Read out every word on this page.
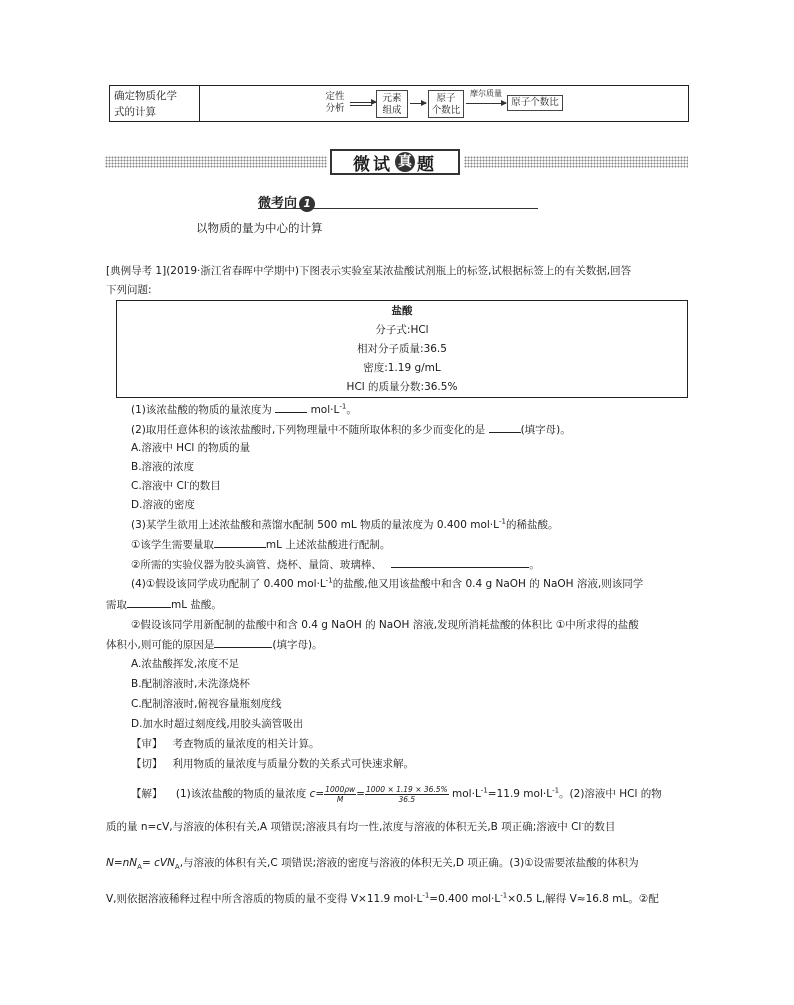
确定物质化学
式的计算
定性
分析
元素
组成
原子
个数比
摩尔质量
原子个数比
微 试 真 题
微考向 1
以物质的量为中心的计算
[典例导考 1](2019·浙江省春晖中学期中)下图表示实验室某浓盐酸试剂瓶上的标签,试根据标签上的有关数据,回答
下列问题:
盐酸
分子式:HCl
相对分子质量:36.5
密度:1.19 g/mL
HCl 的质量分数:36.5%
(1)该浓盐酸的物质的量浓度为	$mol\cdot L^{-1}$。
(2)取用任意体积的该浓盐酸时,下列物理量中不随所取体积的多少而变化的是	(填字母)。
A.溶液中 HCl 的物质的量
B.溶液的浓度
C.溶液中 Cl-的数目
D.溶液的密度
(3)某学生欲用上述浓盐酸和蒸馏水配制 500 mL 物质的量浓度为 0.400 $mol\cdot L^{-1}$的稀盐酸。
①该学生需要量取	mL 上述浓盐酸进行配制。
②所需的实验仪器为胶头滴管、烧杯、量筒、玻璃棒、	。
(4)①假设该同学成功配制了 0.400 $mol\cdot L^{-1}$的盐酸,他又用该盐酸中和含 0.4 g NaOH 的 NaOH 溶液,则该同学
需取	mL 盐酸。
②假设该同学用新配制的盐酸中和含 0.4 g NaOH 的 NaOH 溶液,发现所消耗盐酸的体积比 ①中所求得的盐酸
体积小,则可能的原因是	(填字母)。
A.浓盐酸挥发,浓度不足
B.配制溶液时,未洗涤烧杯
C.配制溶液时,俯视容量瓶刻度线
D.加水时超过刻度线,用胶头滴管吸出
【审】 考查物质的量浓度的相关计算。
【切】 利用物质的量浓度与质量分数的关系式可快速求解。
【解】 (1)该浓盐酸的物质的量浓度 $c= \frac{1000\rho w}{M} = \frac{1000 \times 1.19 \times 36.5\%}{36.5} mol\cdot L^{-1}=11.9$ $mol\cdot L^{-1}$。(2)溶液中 HCl 的物
质的量 n=cV,与溶液的体积有关,A 项错误;溶液具有均一性,浓度与溶液的体积无关,B 项正确;溶液中 Cl-的数目
$N=nN_A= cVN_A$,与溶液的体积有关,C 项错误;溶液的密度与溶液的体积无关,D 项正确。(3)①设需要浓盐酸的体积为
V,则依据溶液稀释过程中所含溶质的物质的量不变得 V×11.9 $mol\cdot L^{-1}=0.400$ $mol\cdot L^{-1}\times 0.5$ L,解得 V≈16.8 mL。②配
